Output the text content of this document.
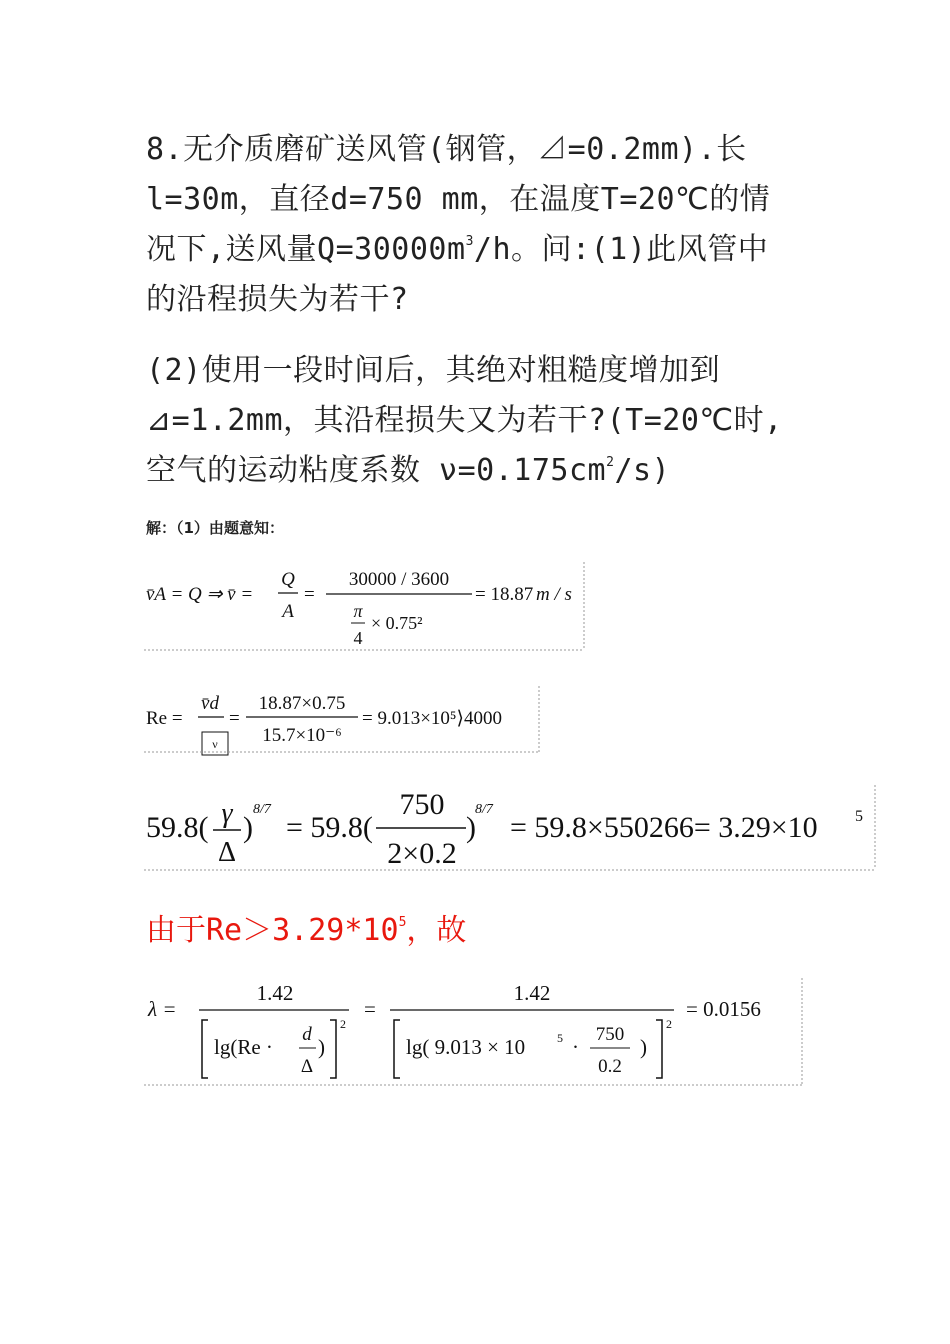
8.无介质磨矿送风管(钢管，⊿=0.2mm).长
l=30m，直径d=750 mm，在温度T=20℃的情
况下,送风量$Q=30000m^3/h$。问:(1)此风管中
的沿程损失为若干?

(2)使用一段时间后，其绝对粗糙度增加到
⊿=1.2mm，其沿程损失又为若干?(T=20℃时,
空气的运动粘度系数 $\nu=0.175cm^2/s$)

解：（1）由题意知：

v̄A = Q ⇒ v̄ =
Q
A
=
30000 / 3600
π
4
× 0.75²
= 18.87 m / s
Re =
v̄d
ν
=
18.87×0.75
15.7×10⁻⁶
= 9.013×10⁵⟩4000
59.8( γ
Δ
)
8/7
= 59.8(
750
2×0.2
)
8/7
= 59.8×550266= 3.29×10 5

由于$Re>3.29*10^5$，故

λ =
1.42
lg(Re ·
d
Δ
)
2
=
1.42
lg( 9.013 × 10	5 ·
750
0.2
)
2
= 0.0156
